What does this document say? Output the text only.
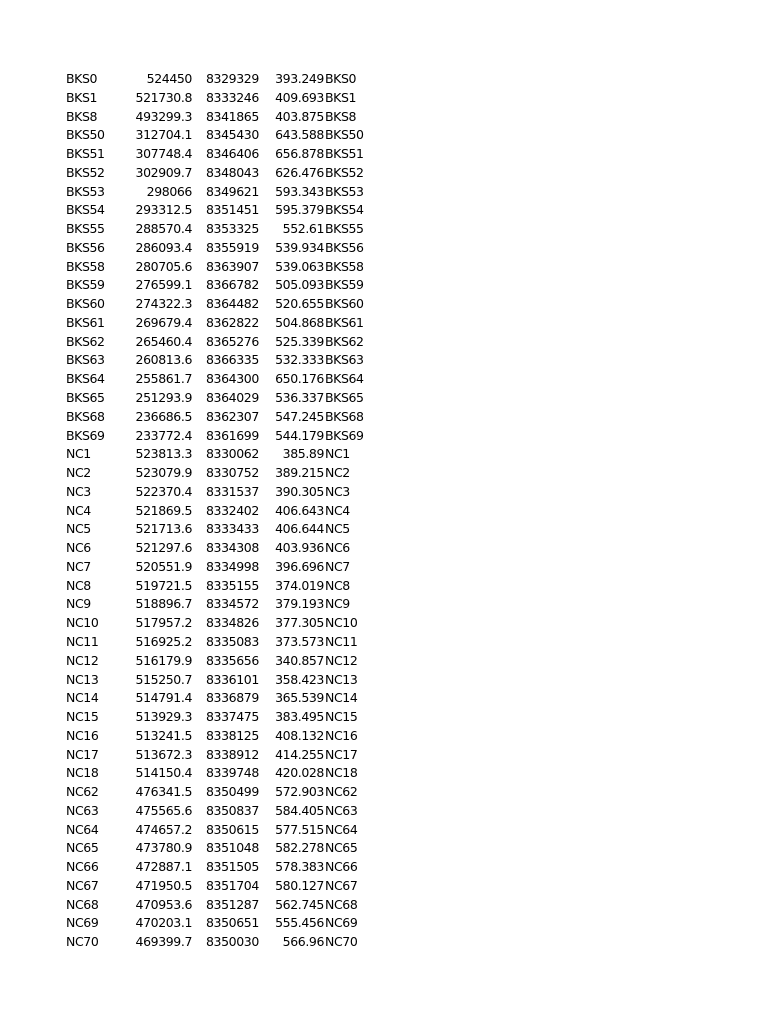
BKS0	524450 8329329 393.249 BKS0
BKS1	521730.8 8333246 409.693 BKS1
BKS8	493299.3 8341865 403.875 BKS8
BKS50 312704.1 8345430 643.588 BKS50
BKS51 307748.4 8346406 656.878 BKS51
BKS52 302909.7 8348043 626.476 BKS52
BKS53	298066 8349621 593.343 BKS53
BKS54 293312.5 8351451 595.379 BKS54
BKS55 288570.4 8353325 552.61 BKS55
BKS56 286093.4 8355919 539.934 BKS56
BKS58 280705.6 8363907 539.063 BKS58
BKS59 276599.1 8366782 505.093 BKS59
BKS60 274322.3 8364482 520.655 BKS60
BKS61 269679.4 8362822 504.868 BKS61
BKS62 265460.4 8365276 525.339 BKS62
BKS63 260813.6 8366335 532.333 BKS63
BKS64 255861.7 8364300 650.176 BKS64
BKS65 251293.9 8364029 536.337 BKS65
BKS68 236686.5 8362307 547.245 BKS68
BKS69 233772.4 8361699 544.179 BKS69
NC1	523813.3 8330062 385.89 NC1
NC2	523079.9 8330752 389.215 NC2
NC3	522370.4 8331537 390.305 NC3
NC4	521869.5 8332402 406.643 NC4
NC5	521713.6 8333433 406.644 NC5
NC6	521297.6 8334308 403.936 NC6
NC7	520551.9 8334998 396.696 NC7
NC8	519721.5 8335155 374.019 NC8
NC9	518896.7 8334572 379.193 NC9
NC10	517957.2 8334826 377.305 NC10
NC11	516925.2 8335083 373.573 NC11
NC12	516179.9 8335656 340.857 NC12
NC13	515250.7 8336101 358.423 NC13
NC14	514791.4 8336879 365.539 NC14
NC15	513929.3 8337475 383.495 NC15
NC16	513241.5 8338125 408.132 NC16
NC17	513672.3 8338912 414.255 NC17
NC18	514150.4 8339748 420.028 NC18
NC62	476341.5 8350499 572.903 NC62
NC63	475565.6 8350837 584.405 NC63
NC64	474657.2 8350615 577.515 NC64
NC65	473780.9 8351048 582.278 NC65
NC66	472887.1 8351505 578.383 NC66
NC67	471950.5 8351704 580.127 NC67
NC68	470953.6 8351287 562.745 NC68
NC69	470203.1 8350651 555.456 NC69
NC70	469399.7 8350030 566.96 NC70
